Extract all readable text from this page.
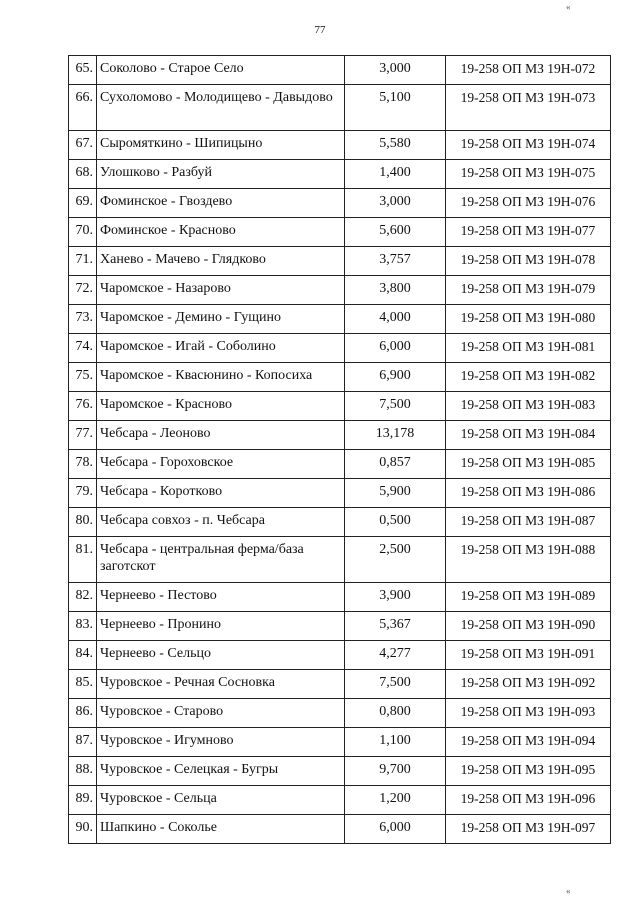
«
77
65.	Соколово - Старое Село	3,000	19-258 ОП МЗ 19Н-072
66.	Сухоломово - Молодищево - Давыдово	5,100	19-258 ОП МЗ 19Н-073
67.	Сыромяткино - Шипицыно	5,580	19-258 ОП МЗ 19Н-074
68.	Улошково - Разбуй	1,400	19-258 ОП МЗ 19Н-075
69.	Фоминское - Гвоздево	3,000	19-258 ОП МЗ 19Н-076
70.	Фоминское - Красново	5,600	19-258 ОП МЗ 19Н-077
71.	Ханево - Мачево - Глядково	3,757	19-258 ОП МЗ 19Н-078
72.	Чаромское - Назарово	3,800	19-258 ОП МЗ 19Н-079
73.	Чаромское - Демино - Гущино	4,000	19-258 ОП МЗ 19Н-080
74.	Чаромское - Игай - Соболино	6,000	19-258 ОП МЗ 19Н-081
75.	Чаромское - Квасюнино - Копосиха	6,900	19-258 ОП МЗ 19Н-082
76.	Чаромское - Красново	7,500	19-258 ОП МЗ 19Н-083
77.	Чебсара - Леоново	13,178	19-258 ОП МЗ 19Н-084
78.	Чебсара - Гороховское	0,857	19-258 ОП МЗ 19Н-085
79.	Чебсара - Коротково	5,900	19-258 ОП МЗ 19Н-086
80.	Чебсара совхоз - п. Чебсара	0,500	19-258 ОП МЗ 19Н-087
81.	Чебсара - центральная ферма/база заготскот	2,500	19-258 ОП МЗ 19Н-088
82.	Чернеево - Пестово	3,900	19-258 ОП МЗ 19Н-089
83.	Чернеево - Пронино	5,367	19-258 ОП МЗ 19Н-090
84.	Чернеево - Сельцо	4,277	19-258 ОП МЗ 19Н-091
85.	Чуровское - Речная Сосновка	7,500	19-258 ОП МЗ 19Н-092
86.	Чуровское - Старово	0,800	19-258 ОП МЗ 19Н-093
87.	Чуровское - Игумново	1,100	19-258 ОП МЗ 19Н-094
88.	Чуровское - Селецкая - Бугры	9,700	19-258 ОП МЗ 19Н-095
89.	Чуровское - Сельца	1,200	19-258 ОП МЗ 19Н-096
90.	Шапкино - Соколье	6,000	19-258 ОП МЗ 19Н-097
«
